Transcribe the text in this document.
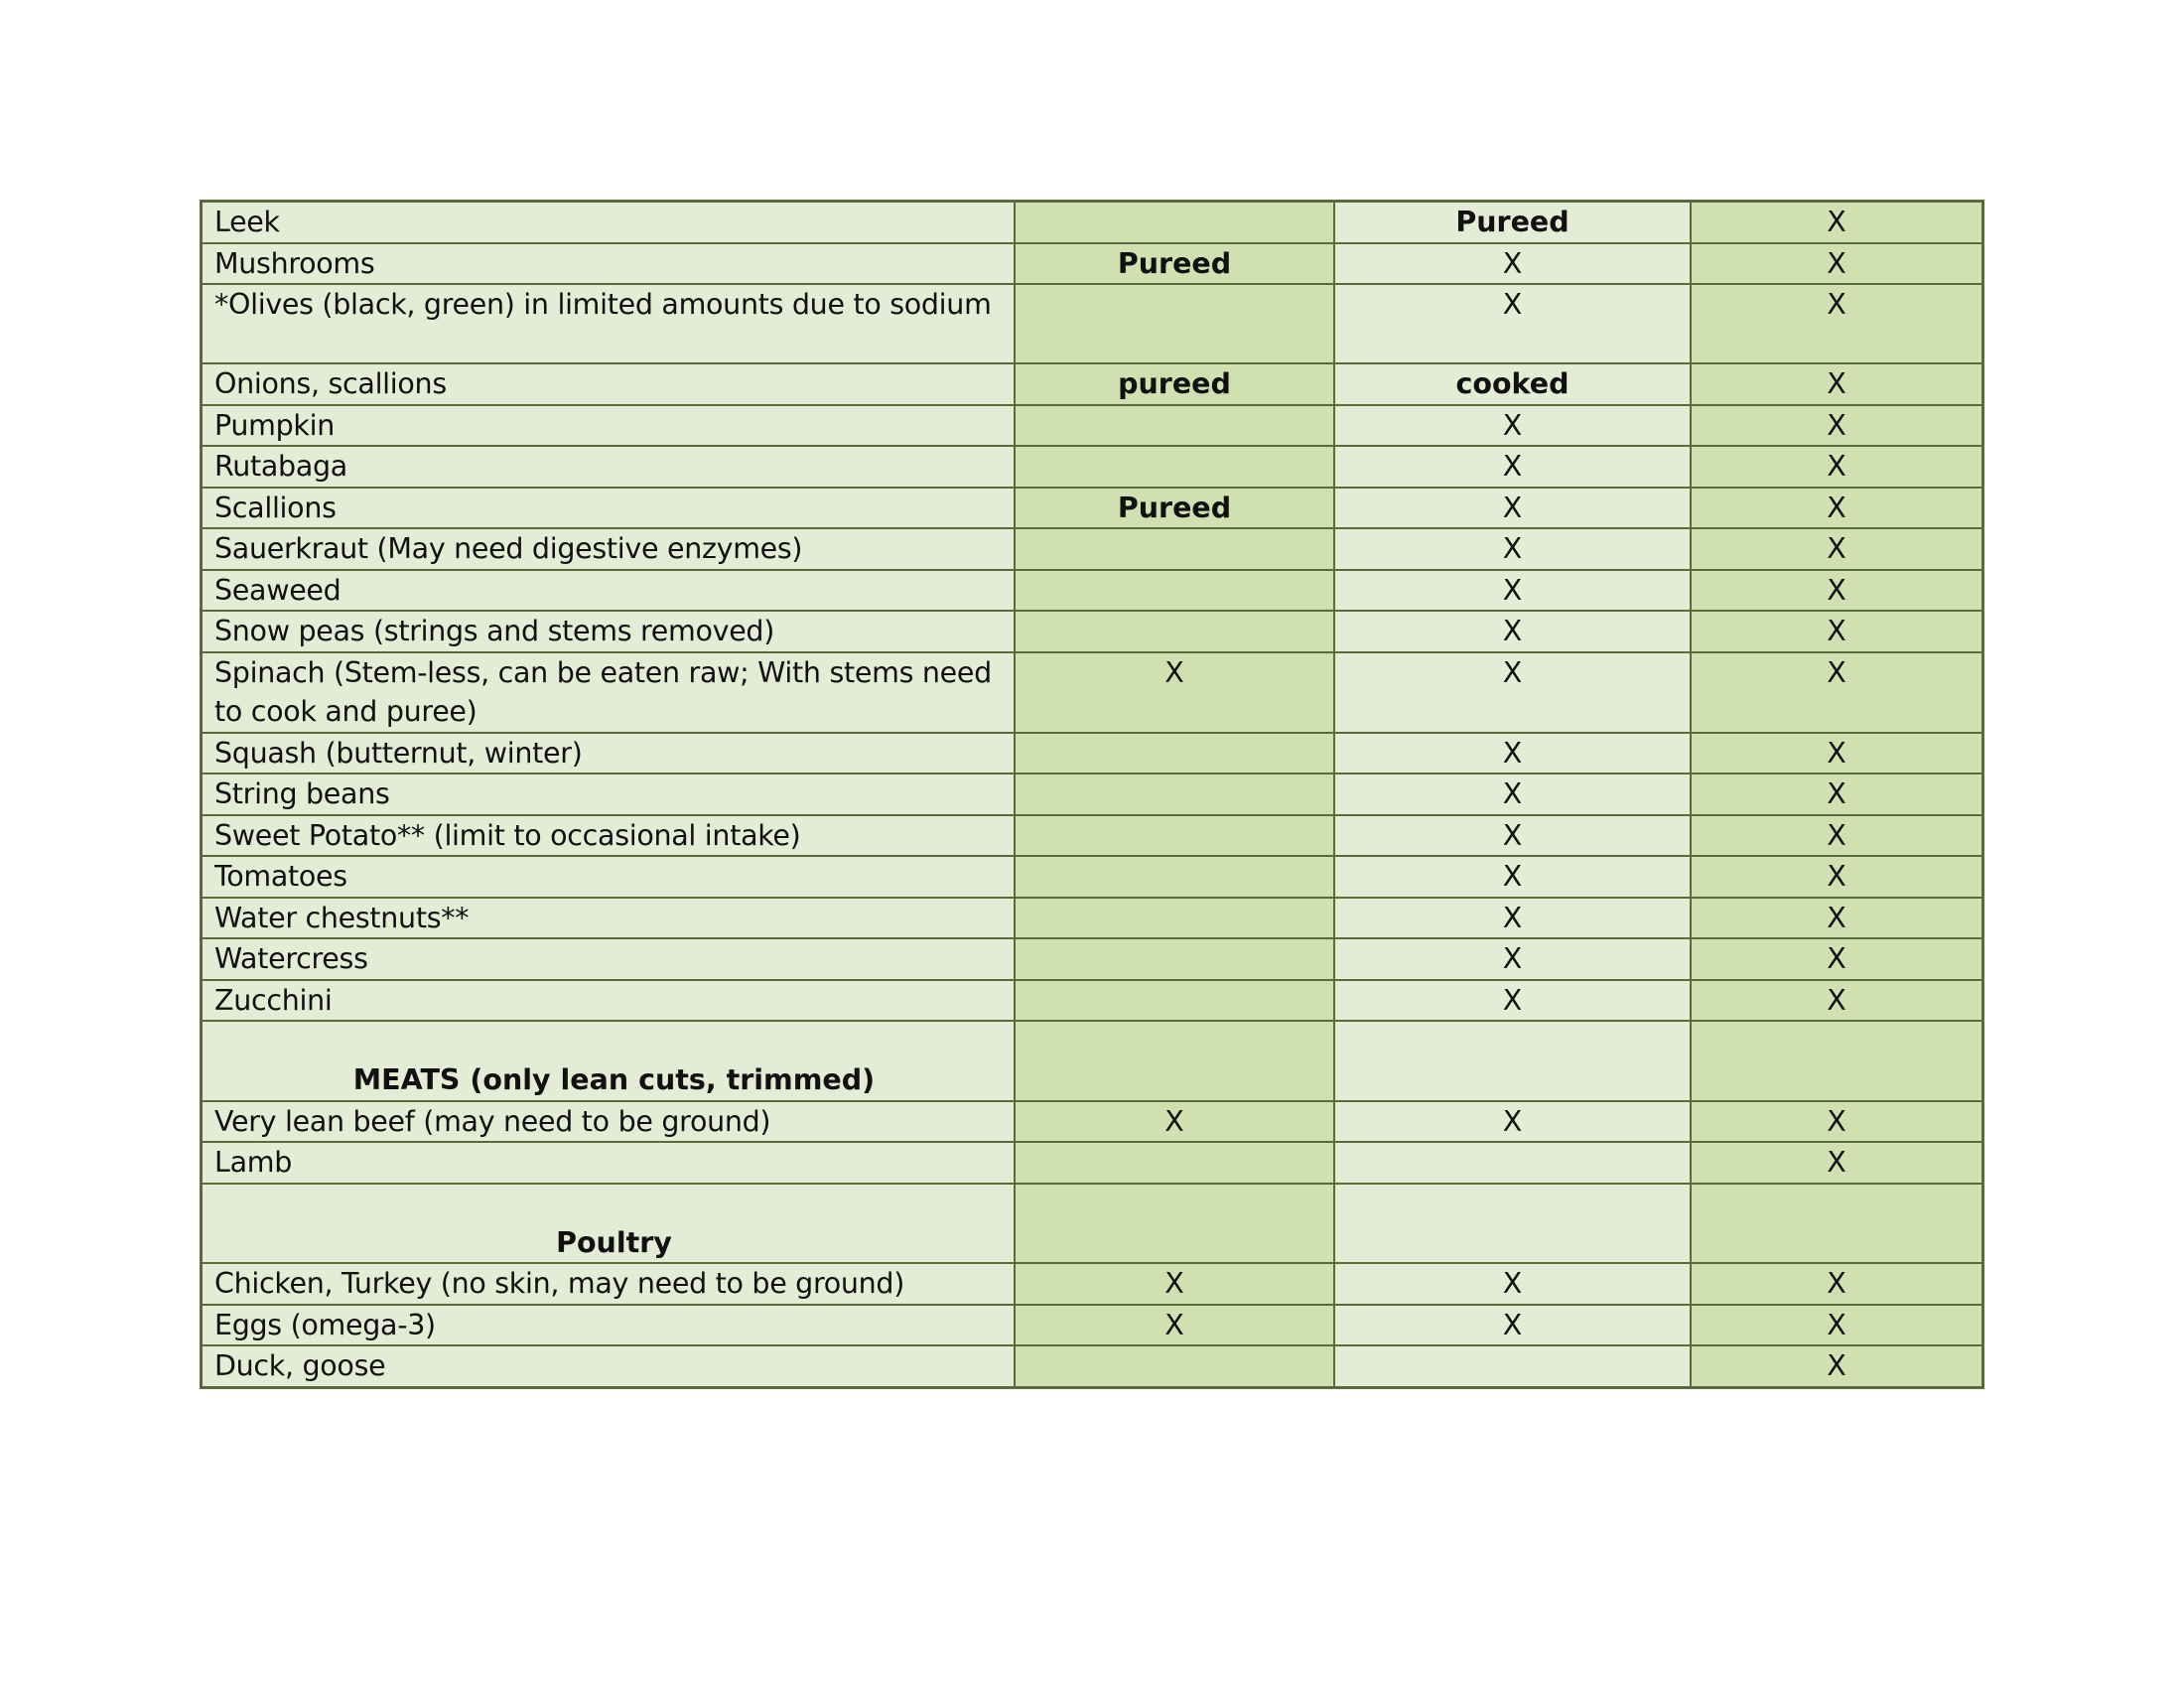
Leek		Pureed	X

Mushrooms	Pureed	X	X

*Olives (black, green) in limited amounts due to sodium		X	X

Onions, scallions	pureed	cooked	X

Pumpkin		X	X

Rutabaga		X	X

Scallions	Pureed	X	X

Sauerkraut (May need digestive enzymes)		X	X

Seaweed		X	X

Snow peas (strings and stems removed)		X	X

Spinach (Stem-less, can be eaten raw; With stems need to cook and puree)	X	X	X

Squash (butternut, winter)		X	X

String beans		X	X

Sweet Potato** (limit to occasional intake)		X	X

Tomatoes		X	X

Water chestnuts**		X	X

Watercress		X	X

Zucchini		X	X

MEATS (only lean cuts, trimmed)			

Very lean beef (may need to be ground)	X	X	X

Lamb			X

Poultry			

Chicken, Turkey (no skin, may need to be ground)	X	X	X

Eggs (omega-3)	X	X	X

Duck, goose			X
